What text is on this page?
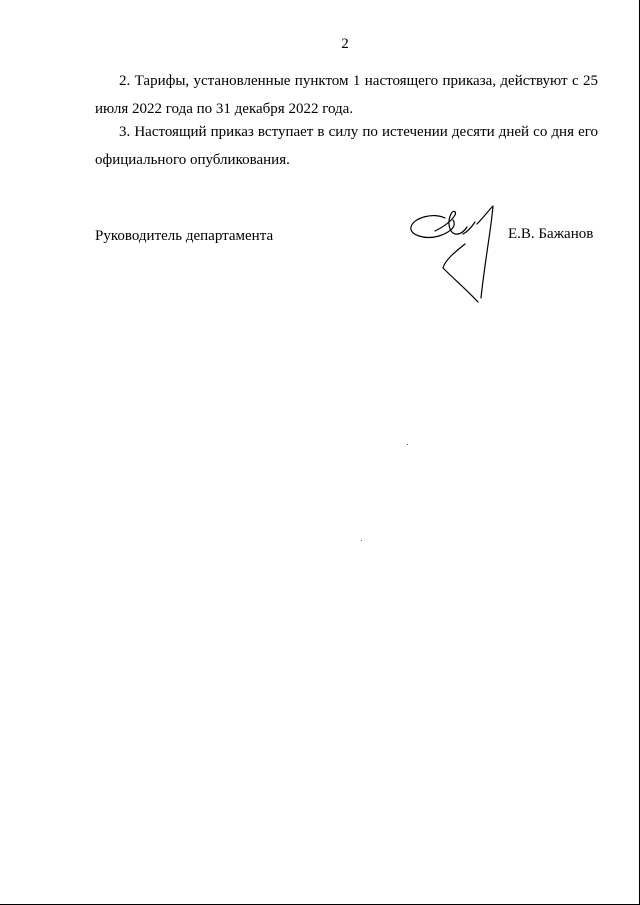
2

2. Тарифы, установленные пунктом 1 настоящего приказа, действуют с 25 июля 2022 года по 31 декабря 2022 года.

3. Настоящий приказ вступает в силу по истечении десяти дней со дня его официального опубликования.

Руководитель департамента	Е.В. Бажанов
